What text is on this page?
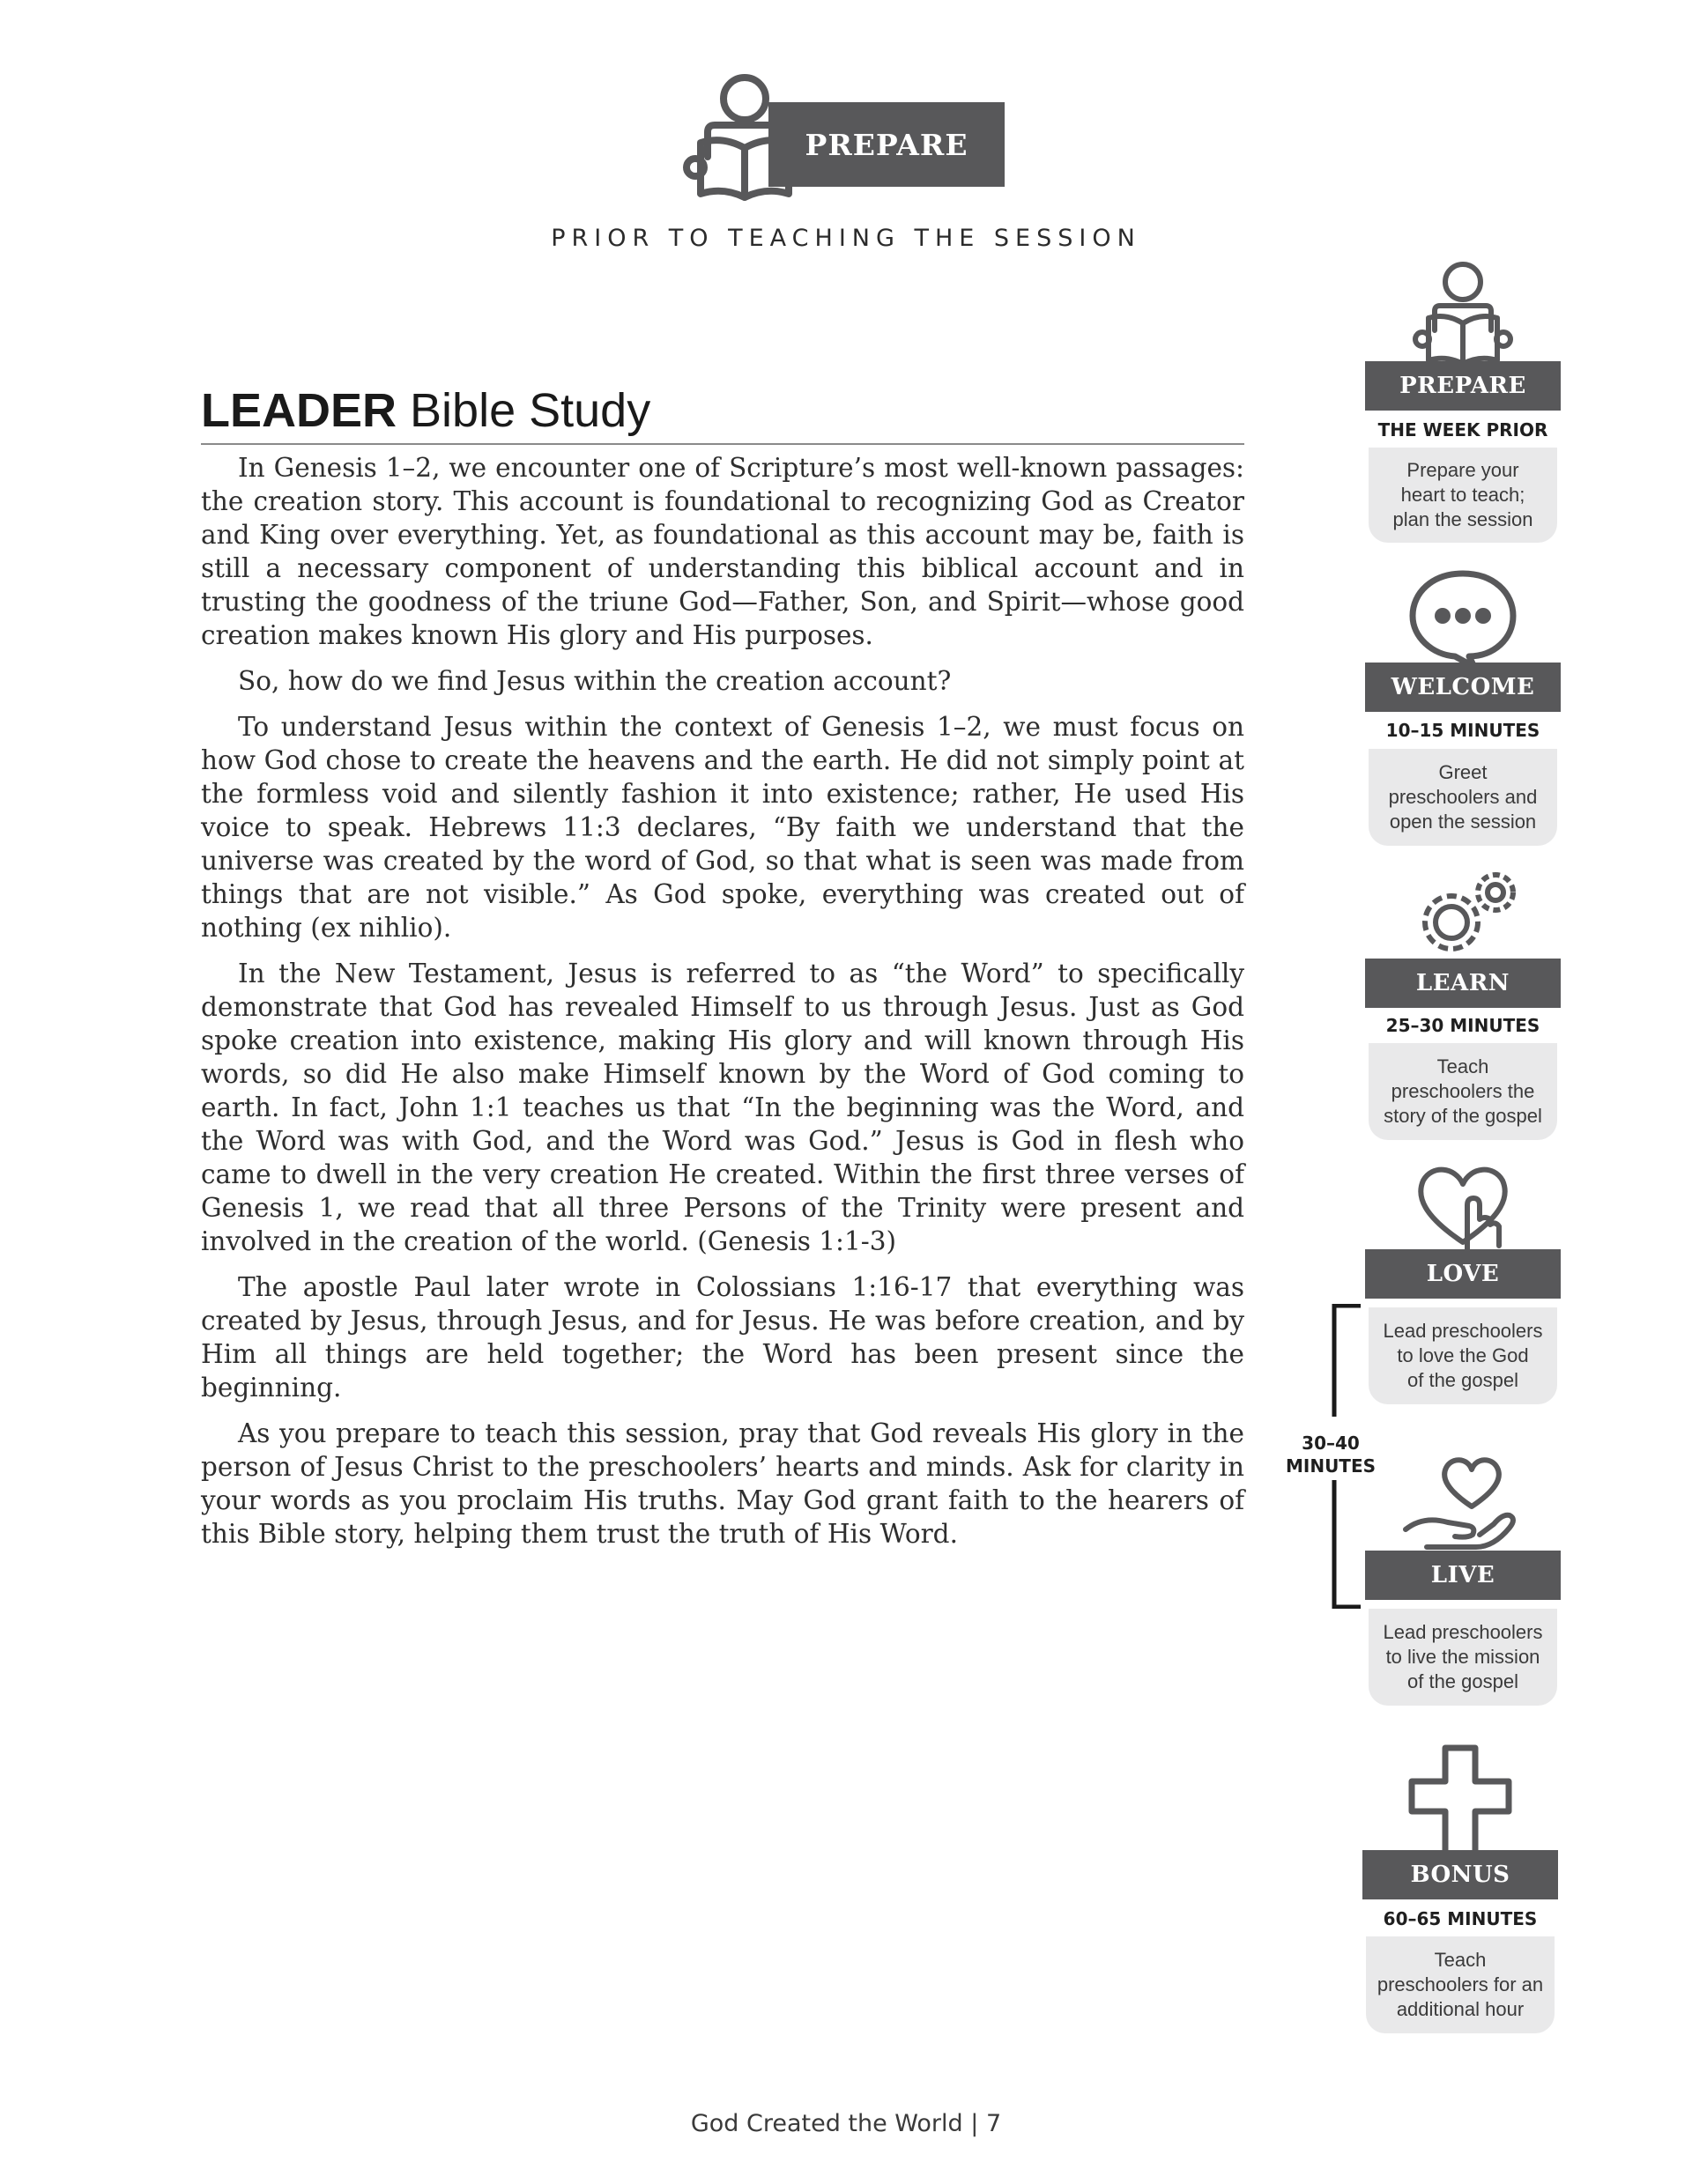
PREPARE
PRIOR TO TEACHING THE SESSION
LEADER Bible Study

In Genesis 1–2, we encounter one of Scripture’s most well-known passages: the creation story. This account is foundational to recognizing God as Creator and King over everything. Yet, as foundational as this account may be, faith is still a necessary component of understanding this biblical account and in trusting the goodness of the triune God—Father, Son, and Spirit—whose good creation makes known His glory and His purposes.

So, how do we find Jesus within the creation account?

To understand Jesus within the context of Genesis 1–2, we must focus on how God chose to create the heavens and the earth. He did not simply point at the formless void and silently fashion it into existence; rather, He used His voice to speak. Hebrews 11:3 declares, “By faith we understand that the universe was created by the word of God, so that what is seen was made from things that are not visible.” As God spoke, everything was created out of nothing (ex nihlio).

In the New Testament, Jesus is referred to as “the Word” to specifically demonstrate that God has revealed Himself to us through Jesus. Just as God spoke creation into existence, making His glory and will known through His words, so did He also make Himself known by the Word of God coming to earth. In fact, John 1:1 teaches us that “In the beginning was the Word, and the Word was with God, and the Word was God.” Jesus is God in flesh who came to dwell in the very creation He created. Within the first three verses of Genesis 1, we read that all three Persons of the Trinity were present and involved in the creation of the world. (Genesis 1:1-3)

The apostle Paul later wrote in Colossians 1:16-17 that everything was created by Jesus, through Jesus, and for Jesus. He was before creation, and by Him all things are held together; the Word has been present since the beginning.

As you prepare to teach this session, pray that God reveals His glory in the person of Jesus Christ to the preschoolers’ hearts and minds. Ask for clarity in your words as you proclaim His truths. May God grant faith to the hearers of this Bible story, helping them trust the truth of His Word.

PREPARE
THE WEEK PRIOR
Prepare your
heart to teach;
plan the session
WELCOME
10–15 MINUTES
Greet
preschoolers and
open the session
LEARN
25–30 MINUTES
Teach
preschoolers the
story of the gospel
LOVE
Lead preschoolers
to love the God
of the gospel
30–40
MINUTES
LIVE
Lead preschoolers
to live the mission
of the gospel
BONUS
60–65 MINUTES
Teach
preschoolers for an
additional hour
God Created the World | 7
